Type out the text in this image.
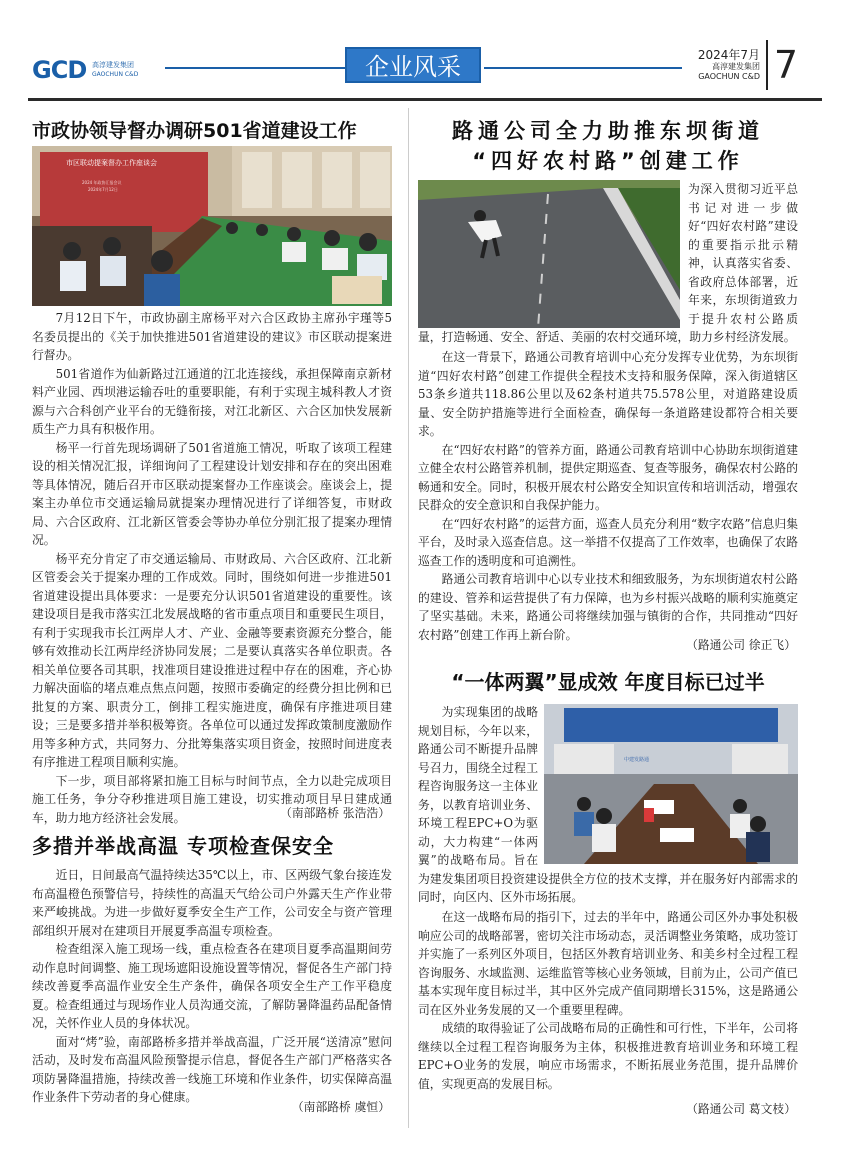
GCD 高淳建发集团
GAOCHUN C&D	企业风采	2024年7月
高淳建发集团
GAOCHUN C&D 7
市政协领导督办调研501省道建设工作
市区联动提案督办工作座谈会
2024 年政协汇报会议
2024年7月12日
7月12日下午，市政协副主席杨平对六合区政协主席孙宇瑾等5名委员提出的《关于加快推进501省道建设的建议》市区联动提案进行督办。
501省道作为仙新路过江通道的江北连接线，承担保障南京新材料产业园、西坝港运输吞吐的重要职能，有利于实现主城科教人才资源与六合科创产业平台的无缝衔接，对江北新区、六合区加快发展新质生产力具有积极作用。
杨平一行首先现场调研了501省道施工情况，听取了该项工程建设的相关情况汇报，详细询问了工程建设计划安排和存在的突出困难等具体情况，随后召开市区联动提案督办工作座谈会。座谈会上，提案主办单位市交通运输局就提案办理情况进行了详细答复，市财政局、六合区政府、江北新区管委会等协办单位分别汇报了提案办理情况。
杨平充分肯定了市交通运输局、市财政局、六合区政府、江北新区管委会关于提案办理的工作成效。同时，围绕如何进一步推进501省道建设提出具体要求：一是要充分认识501省道建设的重要性。该建设项目是我市落实江北发展战略的省市重点项目和重要民生项目，有利于实现我市长江两岸人才、产业、金融等要素资源充分整合，能够有效推动长江两岸经济协同发展；二是要认真落实各单位职责。各相关单位要各司其职，找准项目建设推进过程中存在的困难，齐心协力解决面临的堵点难点焦点问题，按照市委确定的经费分担比例和已批复的方案、职责分工，倒排工程实施进度，确保有序推进项目建设；三是要多措并举积极筹资。各单位可以通过发挥政策制度激励作用等多种方式，共同努力、分批筹集落实项目资金，按照时间进度表有序推进工程项目顺利实施。
下一步，项目部将紧扣施工目标与时间节点，全力以赴完成项目施工任务，争分夺秒推进项目施工建设，切实推动项目早日建成通车，助力地方经济社会发展。	（南部路桥 张浩浩）
多措并举战高温 专项检查保安全
近日，日间最高气温持续达35℃以上，市、区两级气象台接连发布高温橙色预警信号，持续性的高温天气给公司户外露天生产作业带来严峻挑战。为进一步做好夏季安全生产工作，公司安全与资产管理部组织开展对在建项目开展夏季高温专项检查。
检查组深入施工现场一线，重点检查各在建项目夏季高温期间劳动作息时间调整、施工现场遮阳设施设置等情况，督促各生产部门持续改善夏季高温作业安全生产条件，确保各项安全生产工作平稳度夏。检查组通过与现场作业人员沟通交流，了解防暑降温药品配备情况，关怀作业人员的身体状况。
面对“烤”验，南部路桥多措并举战高温，广泛开展“送清凉”慰问活动，及时发布高温风险预警提示信息，督促各生产部门严格落实各项防暑降温措施，持续改善一线施工环境和作业条件，切实保障高温作业条件下劳动者的身心健康。
（南部路桥 虞恒）
路通公司全力助推东坝街道
“四好农村路”创建工作
为深入贯彻习近平总书记对进一步做好“四好农村路”建设的重要指示批示精神，认真落实省委、省政府总体部署，近年来，东坝街道致力于提升农村公路质量，打造畅通、安全、舒适、美丽的农村交通环境，助力乡村经济发展。
在这一背景下，路通公司教育培训中心充分发挥专业优势，为东坝街道“四好农村路”创建工作提供全程技术支持和服务保障，深入街道辖区53条乡道共118.86公里以及62条村道共75.578公里，对道路建设质量、安全防护措施等进行全面检查，确保每一条道路建设都符合相关要求。
在“四好农村路”的管养方面，路通公司教育培训中心协助东坝街道建立健全农村公路管养机制，提供定期巡查、复查等服务，确保农村公路的畅通和安全。同时，积极开展农村公路安全知识宣传和培训活动，增强农民群众的安全意识和自我保护能力。
在“四好农村路”的运营方面，巡查人员充分利用“数字农路”信息归集平台，及时录入巡查信息。这一举措不仅提高了工作效率，也确保了农路巡查工作的透明度和可追溯性。
路通公司教育培训中心以专业技术和细致服务，为东坝街道农村公路的建设、管养和运营提供了有力保障，也为乡村振兴战略的顺利实施奠定了坚实基础。未来，路通公司将继续加强与镇街的合作，共同推动“四好农村路”创建工作再上新台阶。
（路通公司 徐正飞）
“一体两翼”显成效 年度目标已过半
中建发路通
为实现集团的战略规划目标，今年以来，路通公司不断提升品牌号召力，围绕全过程工程咨询服务这一主体业务，以教育培训业务、环境工程EPC+O为驱动，大力构建“一体两翼”的战略布局。旨在为建发集团项目投资建设提供全方位的技术支撑，并在服务好内部需求的同时，向区内、区外市场拓展。
在这一战略布局的指引下，过去的半年中，路通公司区外办事处积极响应公司的战略部署，密切关注市场动态，灵活调整业务策略，成功签订并实施了一系列区外项目，包括区外教育培训业务、和美乡村全过程工程咨询服务、水域监测、运维监管等核心业务领域，目前为止，公司产值已基本实现年度目标过半，其中区外完成产值同期增长315%，这是路通公司在区外业务发展的又一个重要里程碑。
成绩的取得验证了公司战略布局的正确性和可行性，下半年，公司将继续以全过程工程咨询服务为主体，积极推进教育培训业务和环境工程EPC+O业务的发展，响应市场需求，不断拓展业务范围，提升品牌价值，实现更高的发展目标。
（路通公司 葛文枝）
